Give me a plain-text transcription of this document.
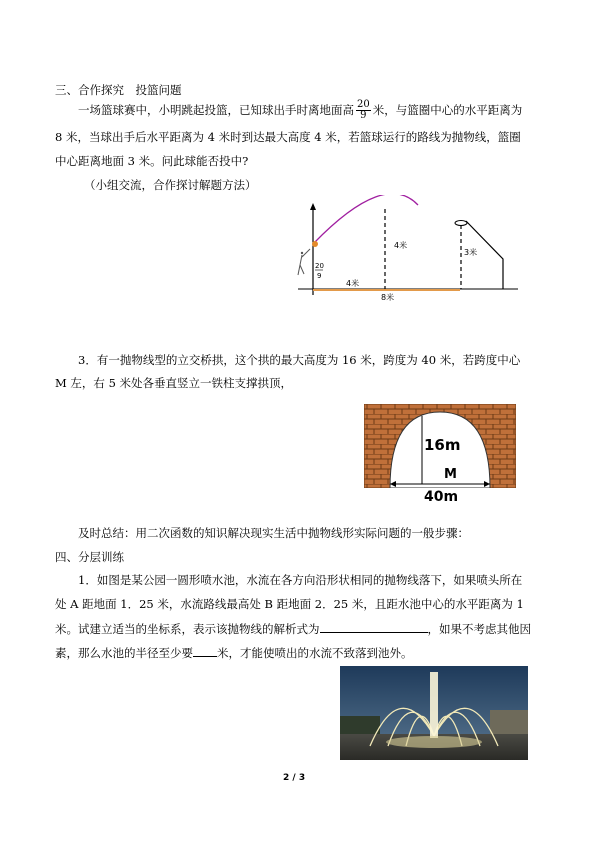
三、合作探究　投篮问题
一场篮球赛中，小明跳起投篮，已知球出手时离地面高 $\frac{20}{9}$ 米，与篮圈中心的水平距离为
8 米，当球出手后水平距离为 4 米时到达最大高度 4 米，若篮球运行的路线为抛物线，篮圈
中心距离地面 3 米。问此球能否投中?
（小组交流，合作探讨解题方法）
20
9
4米
3米
4米
8米
3．有一抛物线型的立交桥拱，这个拱的最大高度为 16 米，跨度为 40 米，若跨度中心
M 左，右 5 米处各垂直竖立一铁柱支撑拱顶，
16m
M
40m
及时总结：用二次函数的知识解决现实生活中抛物线形实际问题的一般步骤：
四、分层训练
1．如图是某公园一圆形喷水池，水流在各方向沿形状相同的抛物线落下，如果喷头所在
处 A 距地面 1．25 米，水流路线最高处 B 距地面 2．25 米，且距水池中心的水平距离为 1
米。试建立适当的坐标系，表示该抛物线的解析式为	，如果不考虑其他因
素，那么水池的半径至少要 米，才能使喷出的水流不致落到池外。
2 / 3
